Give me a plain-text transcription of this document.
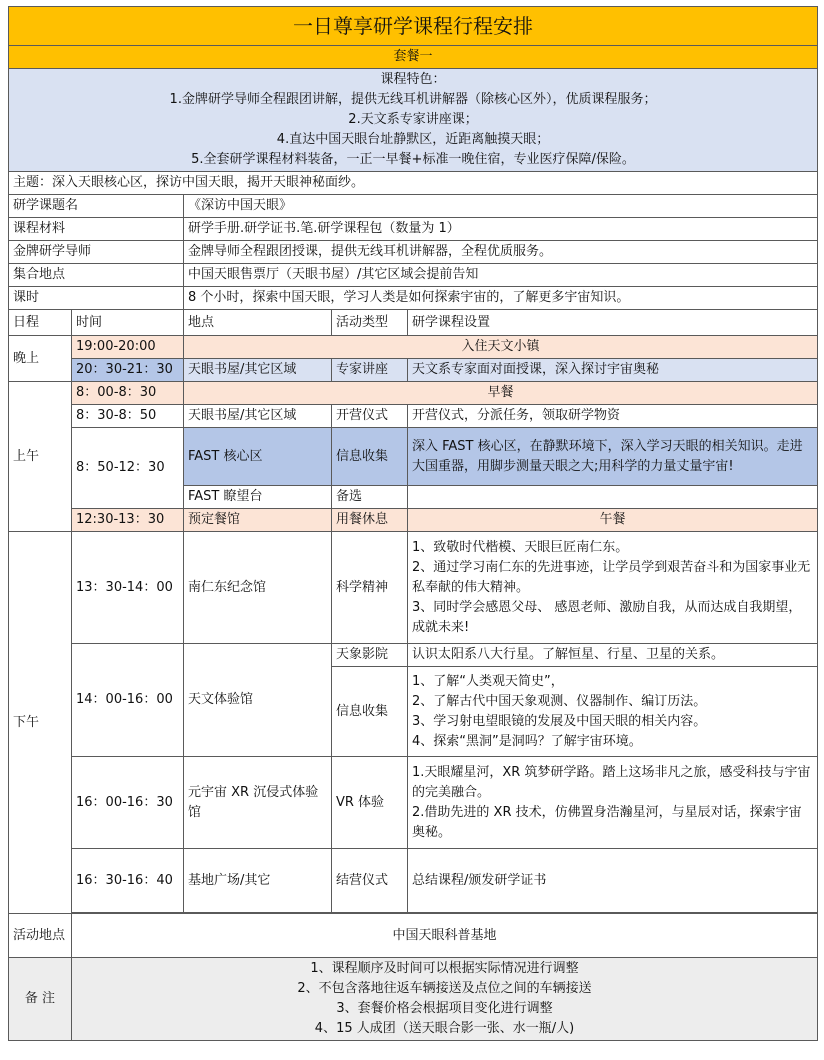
一日尊享研学课程行程安排				
套餐一				

课程特色：
1.金牌研学导师全程跟团讲解，提供无线耳机讲解器（除核心区外），优质课程服务；
2.天文系专家讲座课；
4.直达中国天眼台址静默区，近距离触摸天眼；
5.全套研学课程材料装备，一正一早餐+标准一晚住宿，专业医疗保障/保险。				

主题：深入天眼核心区，探访中国天眼，揭开天眼神秘面纱。				
研学课题名		《深访中国天眼》		
课程材料		研学手册.研学证书.笔.研学课程包（数量为 1）		
金牌研学导师		金牌导师全程跟团授课，提供无线耳机讲解器，全程优质服务。		
集合地点		中国天眼售票厅（天眼书屋）/其它区域会提前告知		
课时		8 个小时，探索中国天眼，学习人类是如何探索宇宙的，了解更多宇宙知识。		
日程	时间	地点	活动类型	研学课程设置
晚上	19:00-20:00	入住天文小镇		
	20：30-21：30	天眼书屋/其它区域	专家讲座	天文系专家面对面授课，深入探讨宇宙奥秘
上午	8：00-8：30	早餐		
	8：30-8：50	天眼书屋/其它区域	开营仪式	开营仪式，分派任务，领取研学物资
	8：50-12：30	FAST 核心区	信息收集	深入 FAST 核心区，在静默环境下，深入学习天眼的相关知识。走进大国重器，用脚步测量天眼之大;用科学的力量丈量宇宙!
		FAST 瞭望台	备选	
	12:30-13：30	预定餐馆	用餐休息	午餐
下午	13：30-14：00	南仁东纪念馆	科学精神	1、致敬时代楷模、天眼巨匠南仁东。
2、通过学习南仁东的先进事迹，让学员学到艰苦奋斗和为国家事业无私奉献的伟大精神。
3、同时学会感恩父母、 感恩老师、激励自我，从而达成自我期望，成就未来!

	14：00-16：00	天文体验馆	天象影院	认识太阳系八大行星。了解恒星、行星、卫星的关系。
			信息收集	1、了解“人类观天简史”，
2、了解古代中国天象观测、仪器制作、编订历法。
3、学习射电望眼镜的发展及中国天眼的相关内容。
4、探索“黑洞”是洞吗？了解宇宙环境。

	16：00-16：30	元宇宙 XR 沉侵式体验馆	VR 体验	1.天眼耀星河，XR 筑梦研学路。踏上这场非凡之旅，感受科技与宇宙的完美融合。
2.借助先进的 XR 技术，仿佛置身浩瀚星河，与星辰对话，探索宇宙奥秘。

	16：30-16：40	基地广场/其它	结营仪式	总结课程/颁发研学证书

活动地点	中国天眼科普基地			
备 注	1、课程顺序及时间可以根据实际情况进行调整
2、不包含落地往返车辆接送及点位之间的车辆接送
3、套餐价格会根据项目变化进行调整
4、15 人成团（送天眼合影一张、水一瓶/人)			
